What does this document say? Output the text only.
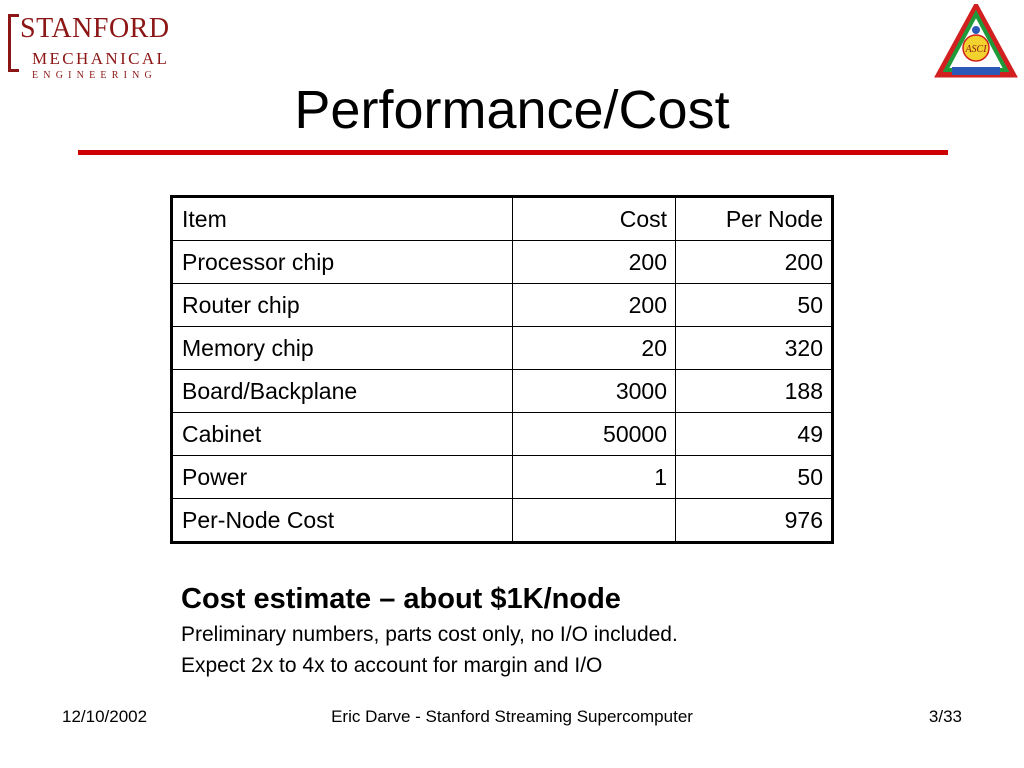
STANFORD
MECHANICAL
ENGINEERING
ASCI
Performance/Cost
Item	Cost	Per Node
Processor chip	200	200
Router chip	200	50
Memory chip	20	320
Board/Backplane	3000	188
Cabinet	50000	49
Power	1	50
Per-Node Cost		976
Cost estimate – about $1K/node
Preliminary numbers, parts cost only, no I/O included.
Expect 2x to 4x to account for margin and I/O
12/10/2002	Eric Darve - Stanford Streaming Supercomputer	3/33
